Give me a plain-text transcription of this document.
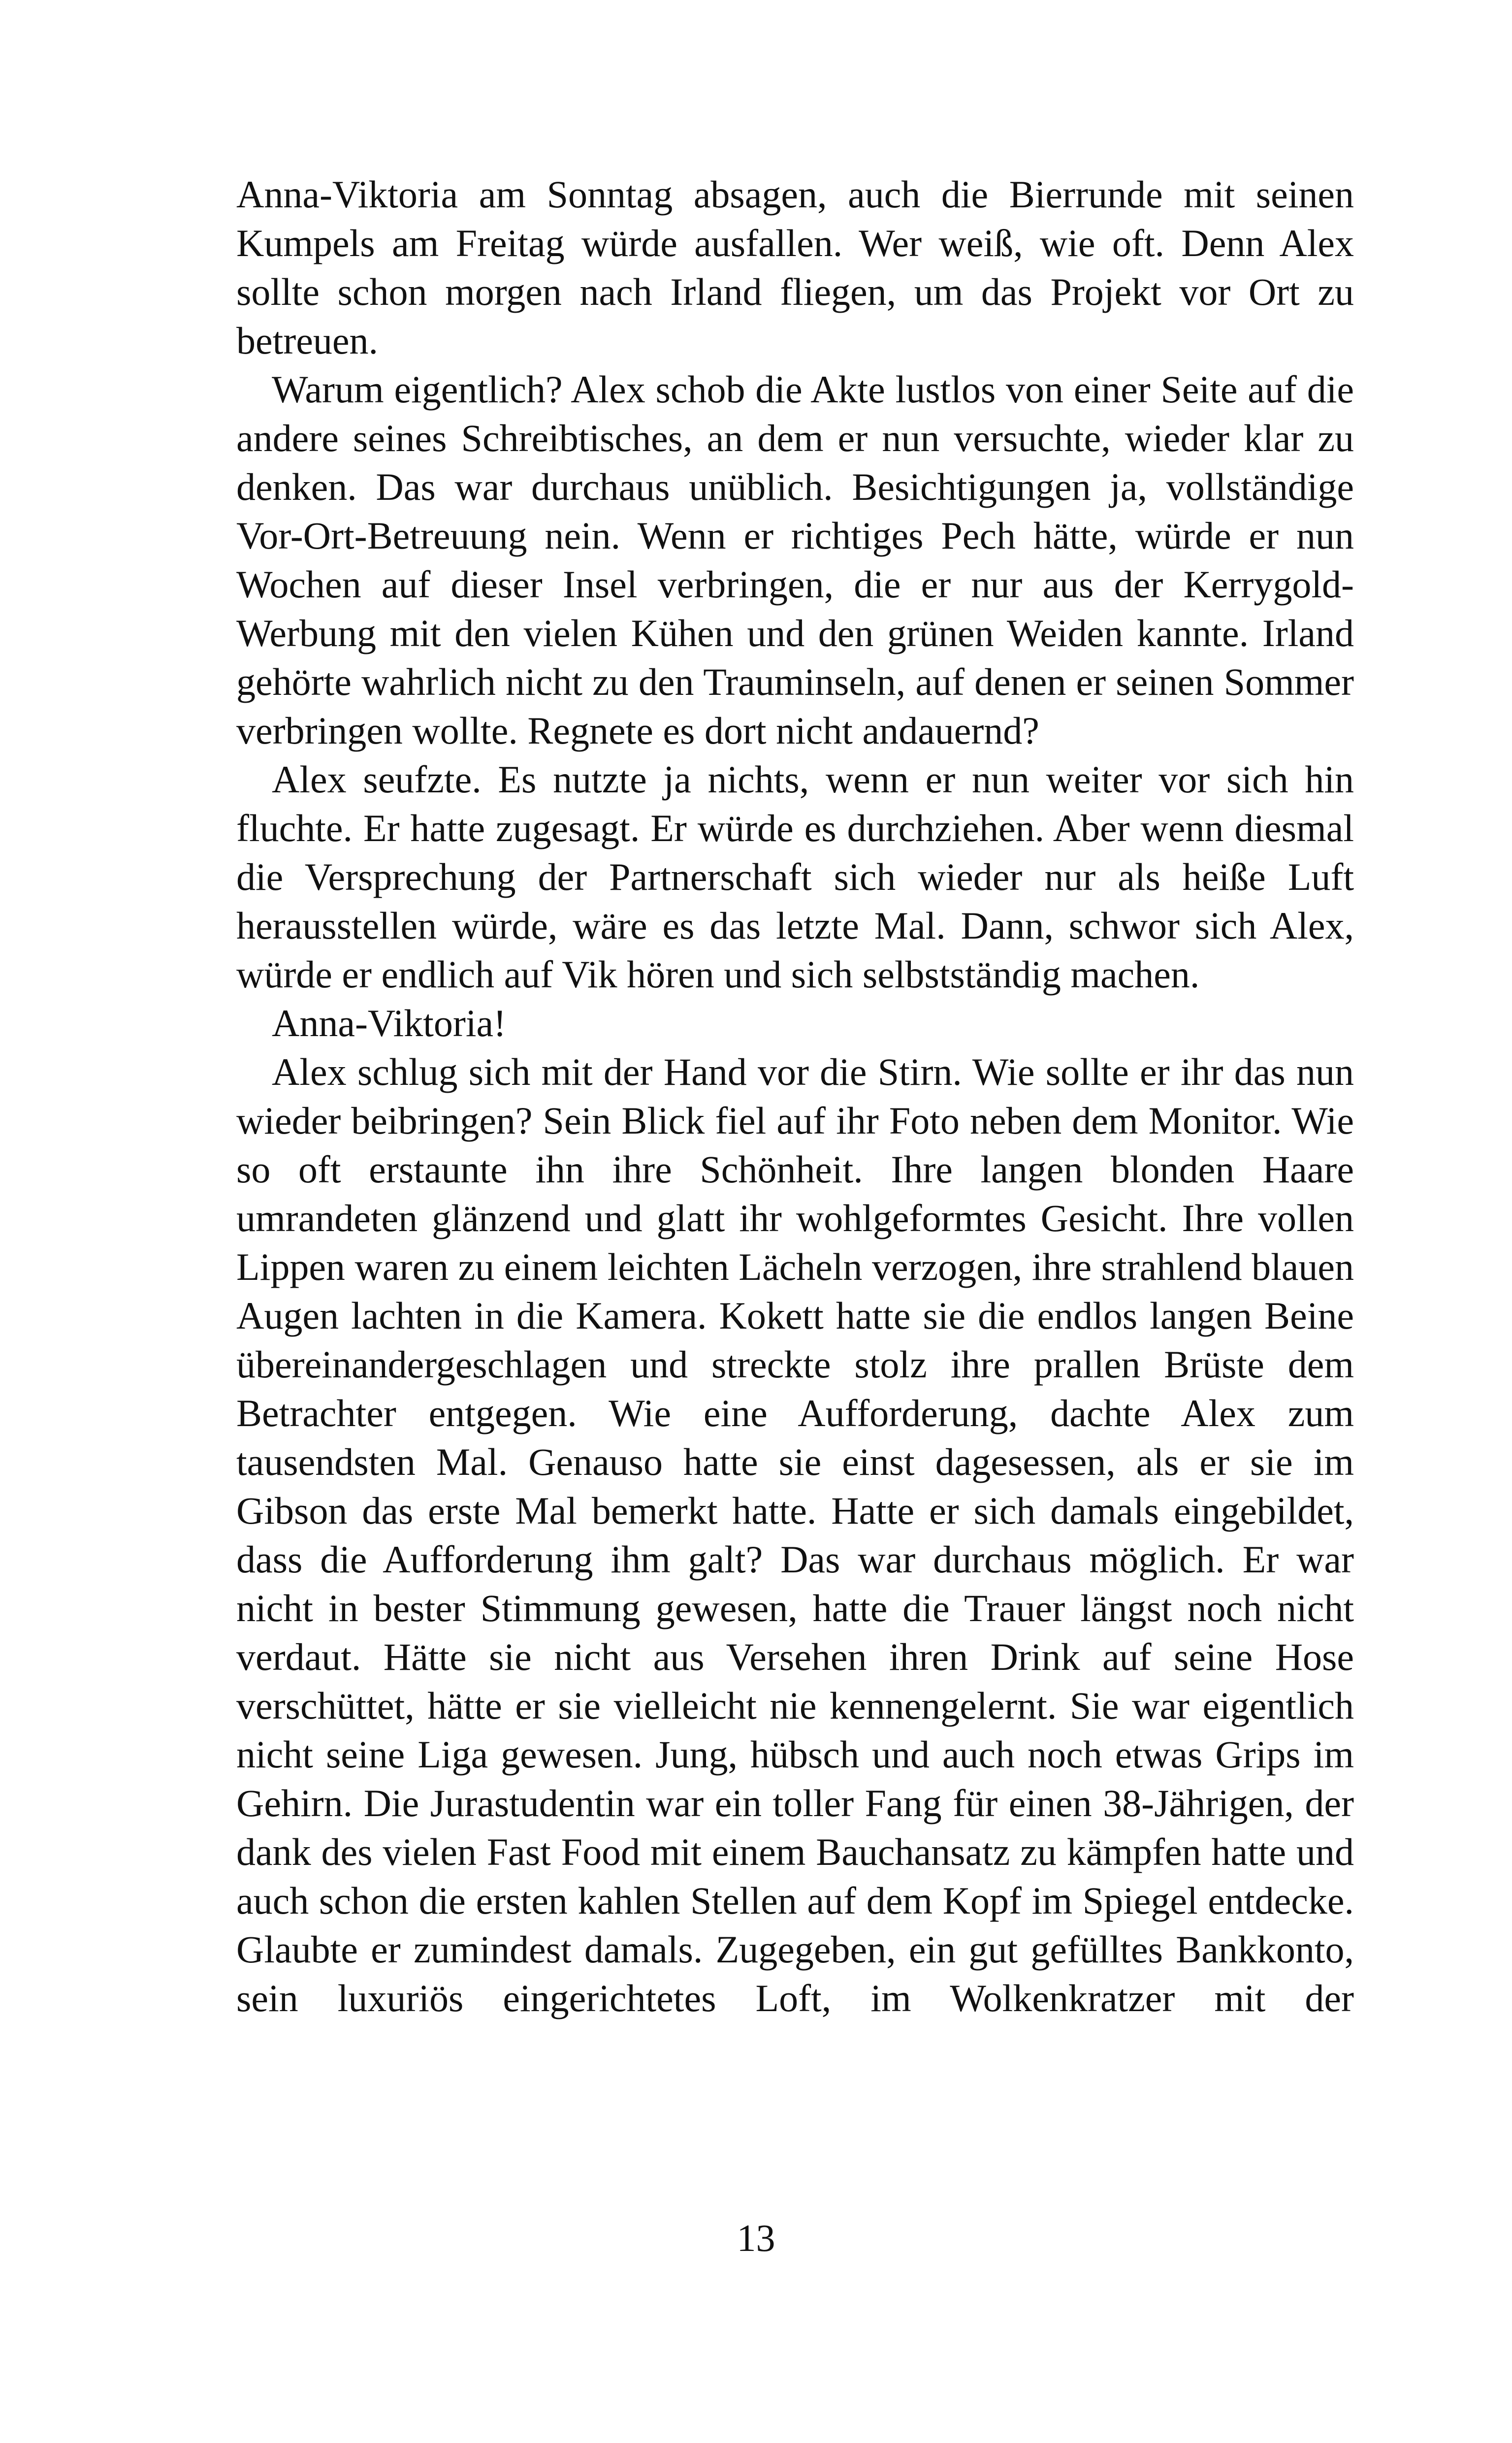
Anna-Viktoria am Sonntag absagen, auch die Bierrunde mit seinen Kumpels am Freitag würde ausfallen. Wer weiß, wie oft. Denn Alex sollte schon morgen nach Irland fliegen, um das Projekt vor Ort zu betreuen.

Warum eigentlich? Alex schob die Akte lustlos von einer Seite auf die andere seines Schreibtisches, an dem er nun versuchte, wieder klar zu denken. Das war durchaus unüblich. Besichtigungen ja, vollständige Vor-Ort-Betreuung nein. Wenn er richtiges Pech hätte, würde er nun Wochen auf dieser Insel verbringen, die er nur aus der Kerrygold-Werbung mit den vielen Kühen und den grünen Weiden kannte. Irland gehörte wahrlich nicht zu den Trauminseln, auf denen er seinen Sommer verbringen wollte. Regnete es dort nicht andauernd?

Alex seufzte. Es nutzte ja nichts, wenn er nun weiter vor sich hin fluchte. Er hatte zugesagt. Er würde es durchziehen. Aber wenn diesmal die Versprechung der Partnerschaft sich wieder nur als heiße Luft herausstellen würde, wäre es das letzte Mal. Dann, schwor sich Alex, würde er endlich auf Vik hören und sich selbstständig machen.

Anna-Viktoria!

Alex schlug sich mit der Hand vor die Stirn. Wie sollte er ihr das nun wieder beibringen? Sein Blick fiel auf ihr Foto neben dem Monitor. Wie so oft erstaunte ihn ihre Schönheit. Ihre langen blonden Haare umrandeten glänzend und glatt ihr wohlgeformtes Gesicht. Ihre vollen Lippen waren zu einem leichten Lächeln verzogen, ihre strahlend blauen Augen lachten in die Kamera. Kokett hatte sie die endlos langen Beine übereinandergeschlagen und streckte stolz ihre prallen Brüste dem Betrachter entgegen. Wie eine Aufforderung, dachte Alex zum tausendsten Mal. Genauso hatte sie einst dagesessen, als er sie im Gibson das erste Mal bemerkt hatte. Hatte er sich damals eingebildet, dass die Aufforderung ihm galt? Das war durchaus möglich. Er war nicht in bester Stimmung gewesen, hatte die Trauer längst noch nicht verdaut. Hätte sie nicht aus Versehen ihren Drink auf seine Hose verschüttet, hätte er sie vielleicht nie kennengelernt. Sie war eigentlich nicht seine Liga gewesen. Jung, hübsch und auch noch etwas Grips im Gehirn. Die Jurastudentin war ein toller Fang für einen 38-Jährigen, der dank des vielen Fast Food mit einem Bauchansatz zu kämpfen hatte und auch schon die ersten kahlen Stellen auf dem Kopf im Spiegel entdecke. Glaubte er zumindest damals. Zugegeben, ein gut gefülltes Bankkonto, sein luxuriös eingerichtetes Loft, im Wolkenkratzer mit der

13
